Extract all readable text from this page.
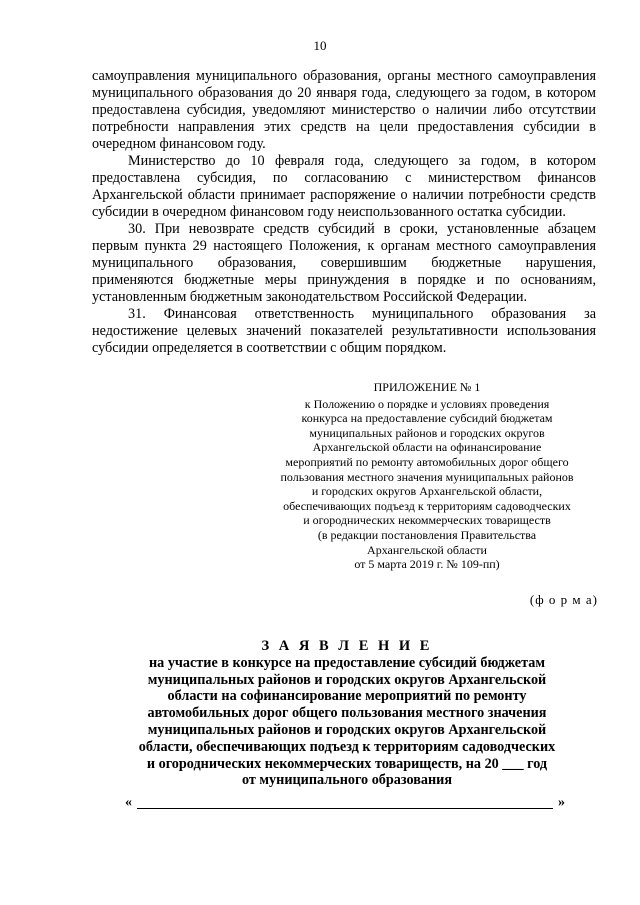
10

самоуправления муниципального образования, органы местного самоуправления муниципального образования до 20 января года, следующего за годом, в котором предоставлена субсидия, уведомляют министерство о наличии либо отсутствии потребности направления этих средств на цели предоставления субсидии в очередном финансовом году.

Министерство до 10 февраля года, следующего за годом, в котором предоставлена субсидия, по согласованию с министерством финансов Архангельской области принимает распоряжение о наличии потребности средств субсидии в очередном финансовом году неиспользованного остатка субсидии.

30. При невозврате средств субсидий в сроки, установленные абзацем первым пункта 29 настоящего Положения, к органам местного самоуправления муниципального образования, совершившим бюджетные нарушения, применяются бюджетные меры принуждения в порядке и по основаниям, установленным бюджетным законодательством Российской Федерации.

31. Финансовая ответственность муниципального образования за недостижение целевых значений показателей результативности использования субсидии определяется в соответствии с общим порядком.

ПРИЛОЖЕНИЕ № 1
к Положению о порядке и условиях проведения
конкурса на предоставление субсидий бюджетам
муниципальных районов и городских округов
Архангельской области на офинансирование
мероприятий по ремонту автомобильных дорог общего
пользования местного значения муниципальных районов
и городских округов Архангельской области,
обеспечивающих подъезд к территориям садоводческих
и огороднических некоммерческих товариществ
(в редакции постановления Правительства
Архангельской области
от 5 марта 2019 г. № 109-пп)
(ф о р м а)
З А Я В Л Е Н И Е
на участие в конкурсе на предоставление субсидий бюджетам
муниципальных районов и городских округов Архангельской
области на софинансирование мероприятий по ремонту
автомобильных дорог общего пользования местного значения
муниципальных районов и городских округов Архангельской
области, обеспечивающих подъезд к территориям садоводческих
и огороднических некоммерческих товариществ, на 20 ___ год
от муниципального образования
«	»
